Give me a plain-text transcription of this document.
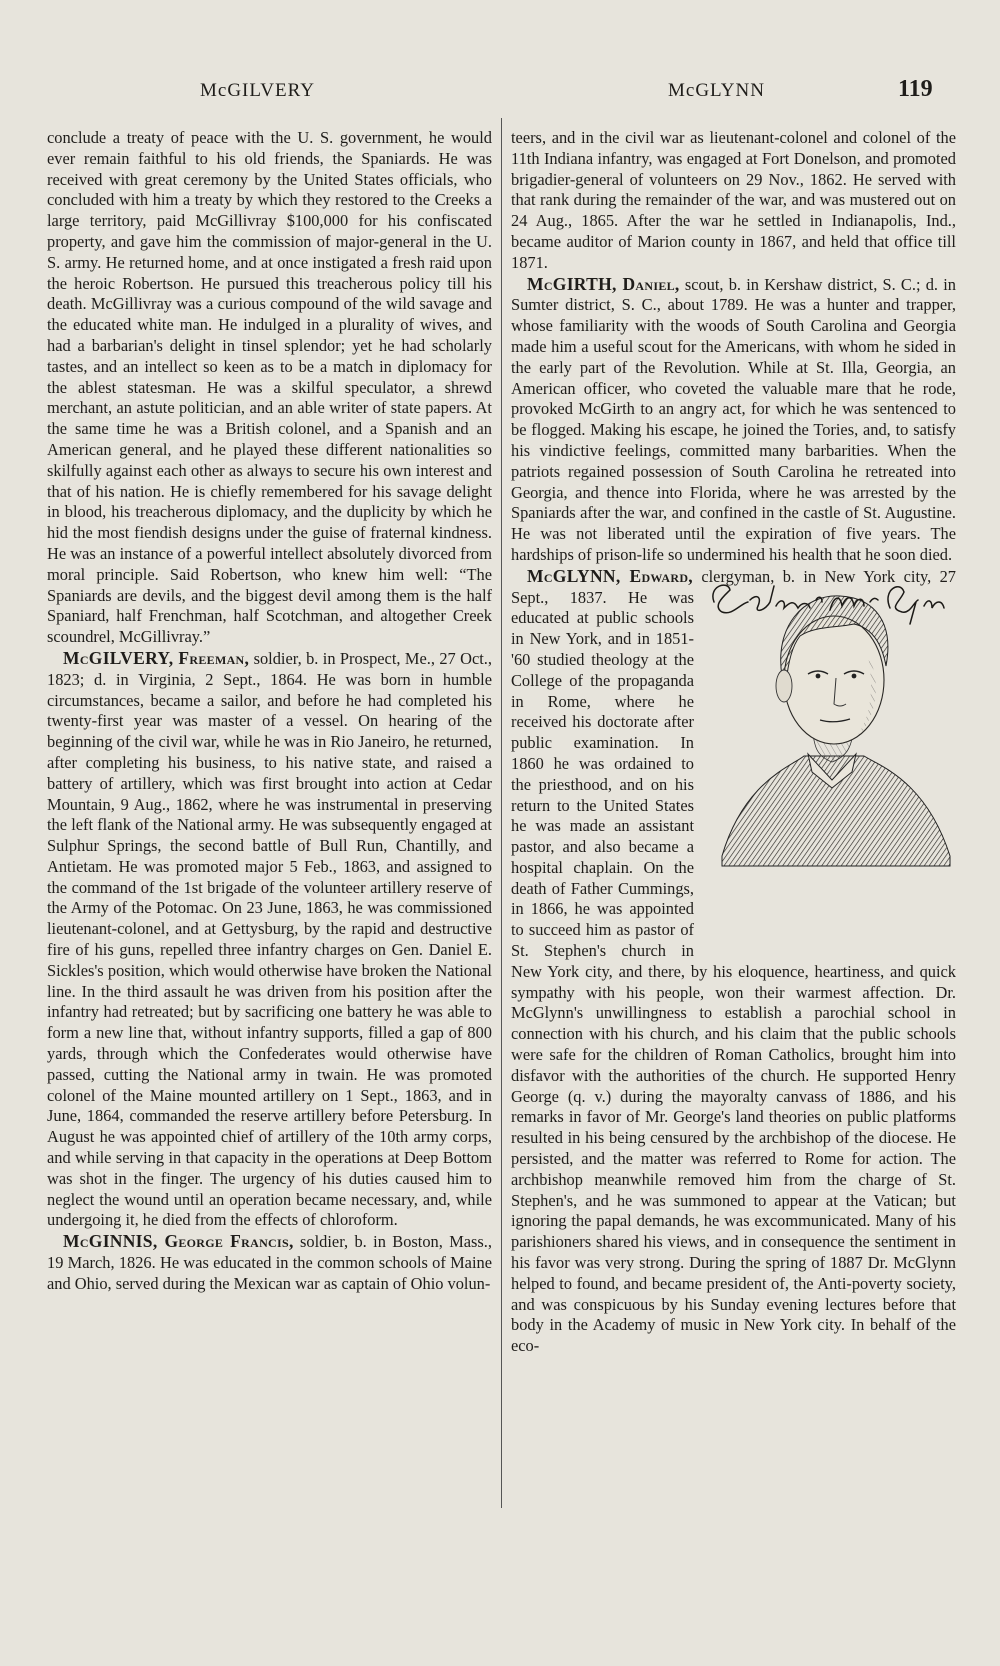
McGILVERY	McGLYNN	119

conclude a treaty of peace with the U. S. government, he would ever remain faithful to his old friends, the Spaniards. He was received with great ceremony by the United States officials, who concluded with him a treaty by which they restored to the Creeks a large territory, paid McGillivray $100,000 for his confiscated property, and gave him the commission of major-general in the U. S. army. He returned home, and at once instigated a fresh raid upon the heroic Robertson. He pursued this treacherous policy till his death. McGillivray was a curious compound of the wild savage and the educated white man. He indulged in a plurality of wives, and had a barbarian's delight in tinsel splendor; yet he had scholarly tastes, and an intellect so keen as to be a match in diplomacy for the ablest statesman. He was a skilful speculator, a shrewd merchant, an astute politician, and an able writer of state papers. At the same time he was a British colonel, and a Spanish and an American general, and he played these different nationalities so skilfully against each other as always to secure his own interest and that of his nation. He is chiefly remembered for his savage delight in blood, his treacherous diplomacy, and the duplicity by which he hid the most fiendish designs under the guise of fraternal kindness. He was an instance of a powerful intellect absolutely divorced from moral principle. Said Robertson, who knew him well: “The Spaniards are devils, and the biggest devil among them is the half Spaniard, half Frenchman, half Scotchman, and altogether Creek scoundrel, McGillivray.”

McGILVERY, Freeman, soldier, b. in Prospect, Me., 27 Oct., 1823; d. in Virginia, 2 Sept., 1864. He was born in humble circumstances, became a sailor, and before he had completed his twenty-first year was master of a vessel. On hearing of the beginning of the civil war, while he was in Rio Janeiro, he returned, after completing his business, to his native state, and raised a battery of artillery, which was first brought into action at Cedar Mountain, 9 Aug., 1862, where he was instrumental in preserving the left flank of the National army. He was subsequently engaged at Sulphur Springs, the second battle of Bull Run, Chantilly, and Antietam. He was promoted major 5 Feb., 1863, and assigned to the command of the 1st brigade of the volunteer artillery reserve of the Army of the Potomac. On 23 June, 1863, he was commissioned lieutenant-colonel, and at Gettysburg, by the rapid and destructive fire of his guns, repelled three infantry charges on Gen. Daniel E. Sickles's position, which would otherwise have broken the National line. In the third assault he was driven from his position after the infantry had retreated; but by sacrificing one battery he was able to form a new line that, without infantry supports, filled a gap of 800 yards, through which the Confederates would otherwise have passed, cutting the National army in twain. He was promoted colonel of the Maine mounted artillery on 1 Sept., 1863, and in June, 1864, commanded the reserve artillery before Petersburg. In August he was appointed chief of artillery of the 10th army corps, and while serving in that capacity in the operations at Deep Bottom was shot in the finger. The urgency of his duties caused him to neglect the wound until an operation became necessary, and, while undergoing it, he died from the effects of chloroform.

McGINNIS, George Francis, soldier, b. in Boston, Mass., 19 March, 1826. He was educated in the common schools of Maine and Ohio, served during the Mexican war as captain of Ohio volun-

teers, and in the civil war as lieutenant-colonel and colonel of the 11th Indiana infantry, was engaged at Fort Donelson, and promoted brigadier-general of volunteers on 29 Nov., 1862. He served with that rank during the remainder of the war, and was mustered out on 24 Aug., 1865. After the war he settled in Indianapolis, Ind., became auditor of Marion county in 1867, and held that office till 1871.

McGIRTH, Daniel, scout, b. in Kershaw district, S. C.; d. in Sumter district, S. C., about 1789. He was a hunter and trapper, whose familiarity with the woods of South Carolina and Georgia made him a useful scout for the Americans, with whom he sided in the early part of the Revolution. While at St. Illa, Georgia, an American officer, who coveted the valuable mare that he rode, provoked McGirth to an angry act, for which he was sentenced to be flogged. Making his escape, he joined the Tories, and, to satisfy his vindictive feelings, committed many barbarities. When the patriots regained possession of South Carolina he retreated into Georgia, and thence into Florida, where he was arrested by the Spaniards after the war, and confined in the castle of St. Augustine. He was not liberated until the expiration of five years. The hardships of prison-life so undermined his health that he soon died.

McGLYNN, Edward,
clergyman, b. in New York city, 27 Sept., 1837. He was educated at public schools in New York, and in 1851-'60 studied theology at the College of the propaganda in Rome, where he received his doctorate after public examination. In 1860 he was ordained to the priesthood, and on his return to the United States he was made an assistant pastor, and also became a hospital chaplain. On the death of Father Cummings, in 1866, he was appointed to succeed him as pastor of St. Stephen's church in New York city, and there, by his eloquence, heartiness, and quick sympathy with his people, won their warmest affection. Dr. McGlynn's unwillingness to establish a parochial school in connection with his church, and his claim that the public schools were safe for the children of Roman Catholics, brought him into disfavor with the authorities of the church. He supported Henry George (q. v.) during the mayoralty canvass of 1886, and his remarks in favor of Mr. George's land theories on public platforms resulted in his being censured by the archbishop of the diocese. He persisted, and the matter was referred to Rome for action. The archbishop meanwhile removed him from the charge of St. Stephen's, and he was summoned to appear at the Vatican; but ignoring the papal demands, he was excommunicated. Many of his parishioners shared his views, and in consequence the sentiment in his favor was very strong. During the spring of 1887 Dr. McGlynn helped to found, and became president of, the Anti-poverty society, and was conspicuous by his Sunday evening lectures before that body in the Academy of music in New York city. In behalf of the eco-
